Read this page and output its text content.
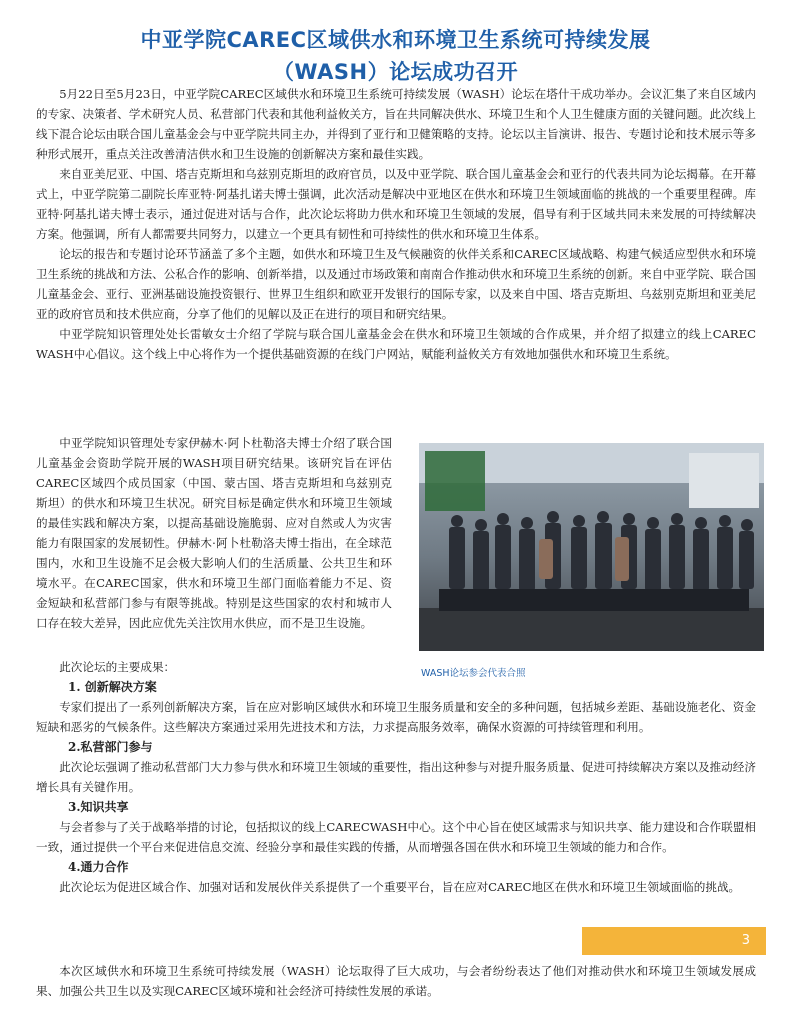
中亚学院CAREC区域供水和环境卫生系统可持续发展
（WASH）论坛成功召开

5月22日至5月23日，中亚学院CAREC区域供水和环境卫生系统可持续发展（WASH）论坛在塔什干成功举办。会议汇集了来自区域内的专家、决策者、学术研究人员、私营部门代表和其他利益攸关方，旨在共同解决供水、环境卫生和个人卫生健康方面的关键问题。此次线上线下混合论坛由联合国儿童基金会与中亚学院共同主办，并得到了亚行和卫健策略的支持。论坛以主旨演讲、报告、专题讨论和技术展示等多种形式展开，重点关注改善清洁供水和卫生设施的创新解决方案和最佳实践。

来自亚美尼亚、中国、塔吉克斯坦和乌兹别克斯坦的政府官员，以及中亚学院、联合国儿童基金会和亚行的代表共同为论坛揭幕。在开幕式上，中亚学院第二副院长库亚特·阿基扎诺夫博士强调，此次活动是解决中亚地区在供水和环境卫生领域面临的挑战的一个重要里程碑。库亚特·阿基扎诺夫博士表示，通过促进对话与合作，此次论坛将助力供水和环境卫生领域的发展，倡导有利于区域共同未来发展的可持续解决方案。他强调，所有人都需要共同努力，以建立一个更具有韧性和可持续性的供水和环境卫生体系。

论坛的报告和专题讨论环节涵盖了多个主题，如供水和环境卫生及气候融资的伙伴关系和CAREC区域战略、构建气候适应型供水和环境卫生系统的挑战和方法、公私合作的影响、创新举措，以及通过市场政策和南南合作推动供水和环境卫生系统的创新。来自中亚学院、联合国儿童基金会、亚行、亚洲基础设施投资银行、世界卫生组织和欧亚开发银行的国际专家，以及来自中国、塔吉克斯坦、乌兹别克斯坦和亚美尼亚的政府官员和技术供应商，分享了他们的见解以及正在进行的项目和研究结果。

中亚学院知识管理处处长雷敏女士介绍了学院与联合国儿童基金会在供水和环境卫生领域的合作成果，并介绍了拟建立的线上CAREC WASH中心倡议。这个线上中心将作为一个提供基础资源的在线门户网站，赋能利益攸关方有效地加强供水和环境卫生系统。

中亚学院知识管理处专家伊赫木·阿卜杜勒洛夫博士介绍了联合国儿童基金会资助学院开展的WASH项目研究结果。该研究旨在评估CAREC区域四个成员国家（中国、蒙古国、塔吉克斯坦和乌兹别克斯坦）的供水和环境卫生状况。研究目标是确定供水和环境卫生领域的最佳实践和解决方案，以提高基础设施脆弱、应对自然或人为灾害能力有限国家的发展韧性。伊赫木·阿卜杜勒洛夫博士指出，在全球范围内，水和卫生设施不足会极大影响人们的生活质量、公共卫生和环境水平。在CAREC国家，供水和环境卫生部门面临着能力不足、资金短缺和私营部门参与有限等挑战。特别是这些国家的农村和城市人口存在较大差异，因此应优先关注饮用水供应，而不是卫生设施。

WASH论坛参会代表合照

此次论坛的主要成果：

1. 创新解决方案

专家们提出了一系列创新解决方案，旨在应对影响区域供水和环境卫生服务质量和安全的多种问题，包括城乡差距、基础设施老化、资金短缺和恶劣的气候条件。这些解决方案通过采用先进技术和方法，力求提高服务效率，确保水资源的可持续管理和利用。

2.私营部门参与

此次论坛强调了推动私营部门大力参与供水和环境卫生领域的重要性，指出这种参与对提升服务质量、促进可持续解决方案以及推动经济增长具有关键作用。

3.知识共享

与会者参与了关于战略举措的讨论，包括拟议的线上CARECWASH中心。这个中心旨在使区域需求与知识共享、能力建设和合作联盟相一致，通过提供一个平台来促进信息交流、经验分享和最佳实践的传播，从而增强各国在供水和环境卫生领域的能力和合作。

4.通力合作

此次论坛为促进区域合作、加强对话和发展伙伴关系提供了一个重要平台，旨在应对CAREC地区在供水和环境卫生领域面临的挑战。

3

本次区域供水和环境卫生系统可持续发展（WASH）论坛取得了巨大成功，与会者纷纷表达了他们对推动供水和环境卫生领域发展成果、加强公共卫生以及实现CAREC区域环境和社会经济可持续性发展的承诺。
